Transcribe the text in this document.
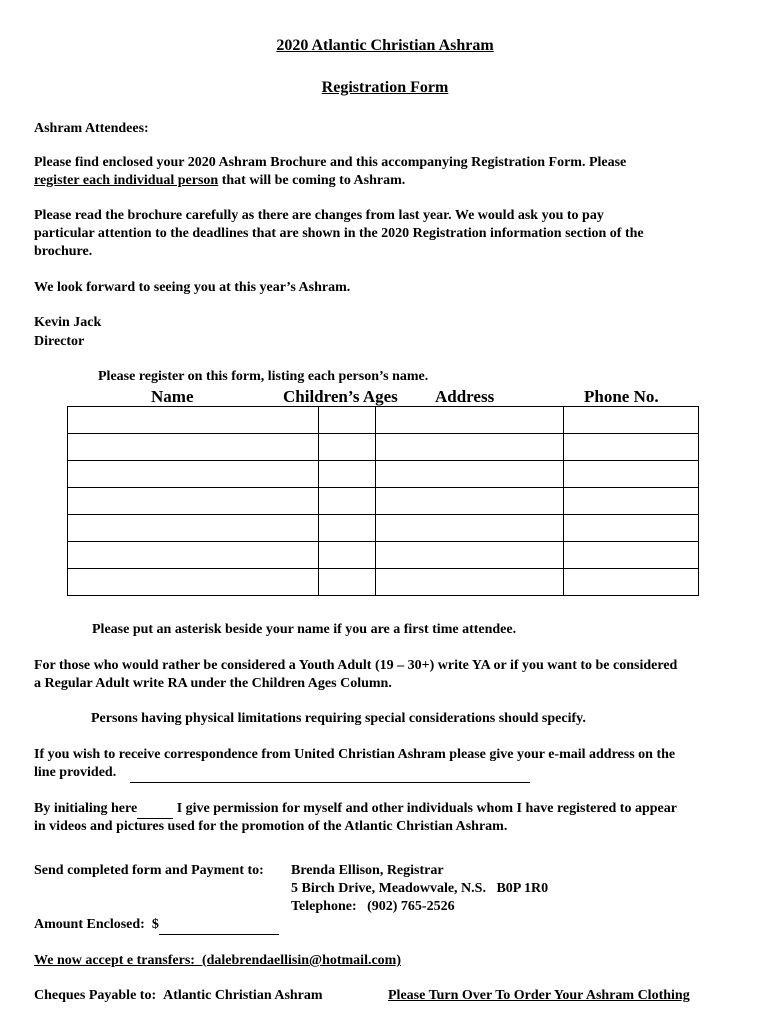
2020 Atlantic Christian Ashram
Registration Form
Ashram Attendees:
Please find enclosed your 2020 Ashram Brochure and this accompanying Registration Form. Please
register each individual person that will be coming to Ashram.
Please read the brochure carefully as there are changes from last year. We would ask you to pay
particular attention to the deadlines that are shown in the 2020 Registration information section of the
brochure.
We look forward to seeing you at this year’s Ashram.
Kevin Jack
Director
Please register on this form, listing each person’s name.
Name	Children’s Ages Address	Phone No.

Please put an asterisk beside your name if you are a first time attendee.
For those who would rather be considered a Youth Adult (19 – 30+) write YA or if you want to be considered
a Regular Adult write RA under the Children Ages Column.
Persons having physical limitations requiring special considerations should specify.
If you wish to receive correspondence from United Christian Ashram please give your e-mail address on the
line provided.
By initialing here	I give permission for myself and other individuals whom I have registered to appear
in videos and pictures used for the promotion of the Atlantic Christian Ashram.
Send completed form and Payment to: Brenda Ellison, Registrar
5 Birch Drive, Meadowvale, N.S.   B0P 1R0
Telephone:   (902) 765-2526
Amount Enclosed:  $
We now accept e transfers:  (dalebrendaellisin@hotmail.com)
Cheques Payable to:  Atlantic Christian Ashram	Please Turn Over To Order Your Ashram Clothing
